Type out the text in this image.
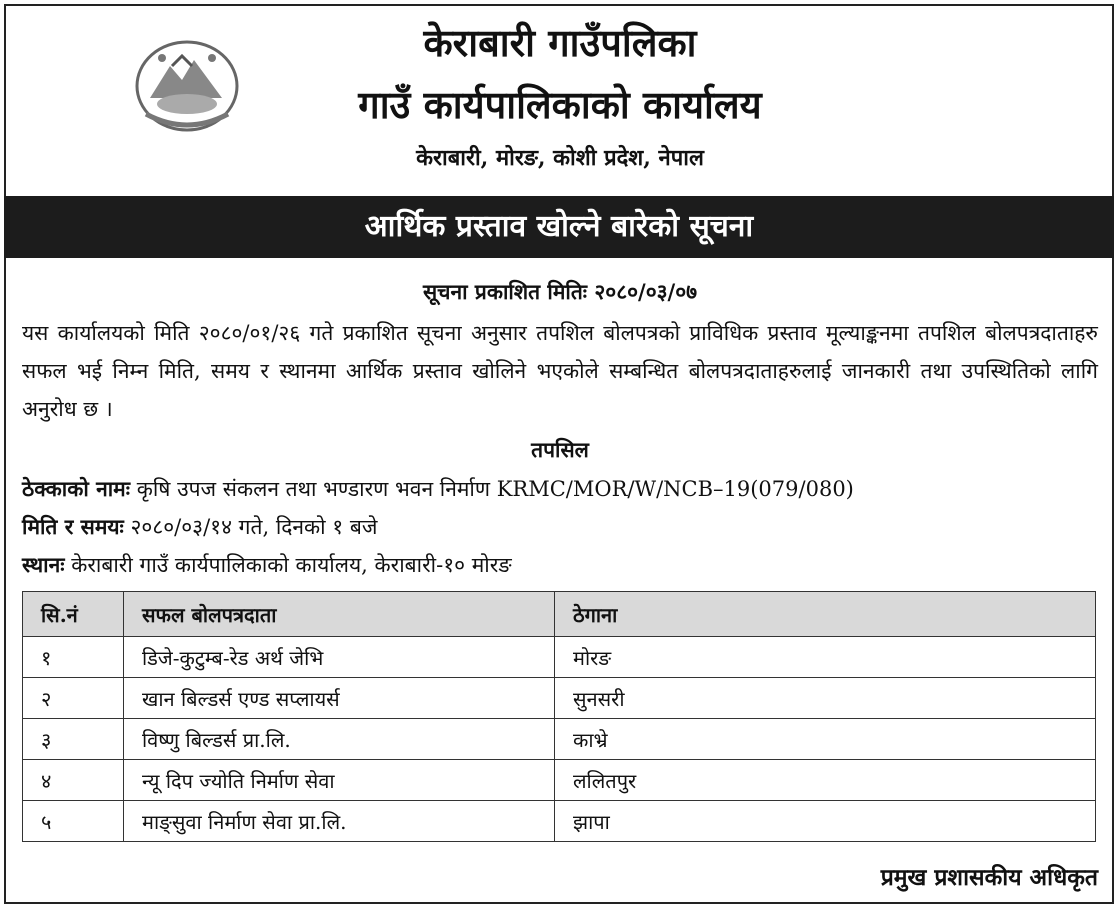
केराबारी गाउँपलिका
गाउँ कार्यपालिकाको कार्यालय
केराबारी, मोरङ, कोशी प्रदेश, नेपाल
आर्थिक प्रस्ताव खोल्ने बारेको सूचना
सूचना प्रकाशित मितिः २०८०/०३/०७
यस कार्यालयको मिति २०८०/०१/२६ गते प्रकाशित सूचना अनुसार तपशिल बोलपत्रको प्राविधिक प्रस्ताव मूल्याङ्कनमा तपशिल बोलपत्रदाताहरु सफल भई निम्न मिति, समय र स्थानमा आर्थिक प्रस्ताव खोलिने भएकोले सम्बन्धित बोलपत्रदाताहरुलाई जानकारी तथा उपस्थितिको लागि अनुरोध छ ।
तपसिल
ठेक्काको नामः कृषि उपज संकलन तथा भण्डारण भवन निर्माण KRMC/MOR/W/NCB–19(079/080)
मिति र समयः २०८०/०३/१४ गते, दिनको १ बजे
स्थानः केराबारी गाउँ कार्यपालिकाको कार्यालय, केराबारी-१० मोरङ
सि.नं	सफल बोलपत्रदाता	ठेगाना
१	डिजे-कुटुम्ब-रेड अर्थ जेभि	मोरङ
२	खान बिल्डर्स एण्ड सप्लायर्स	सुनसरी
३	विष्णु बिल्डर्स प्रा.लि.	काभ्रे
४	न्यू दिप ज्योति निर्माण सेवा	ललितपुर
५	माङ्सुवा निर्माण सेवा प्रा.लि.	झापा
प्रमुख प्रशासकीय अधिकृत
